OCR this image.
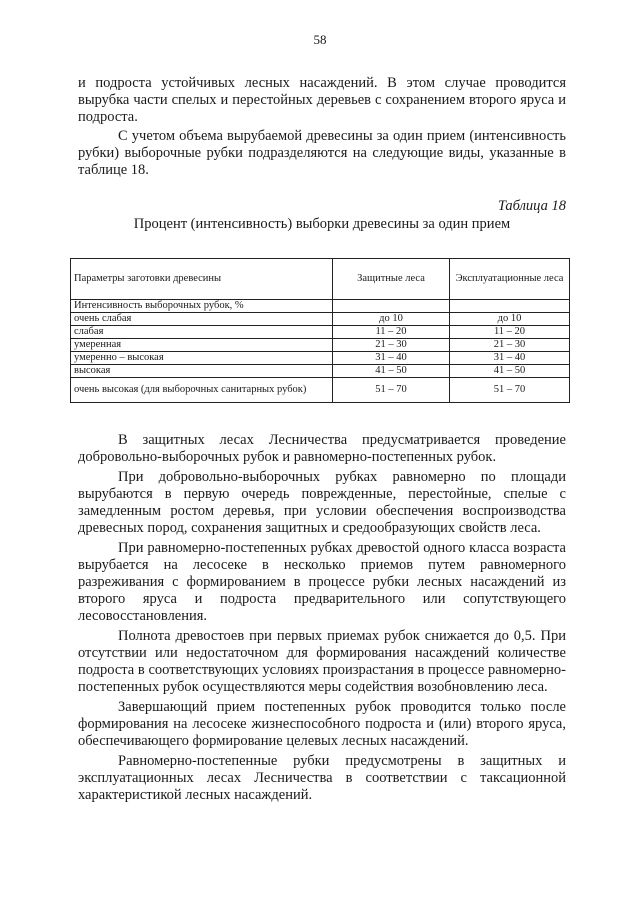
58

и подроста устойчивых лесных насаждений. В этом случае проводится вырубка части спелых и перестойных деревьев с сохранением второго яруса и подроста.

С учетом объема вырубаемой древесины за один прием (интенсивность рубки) выборочные рубки подразделяются на следующие виды, указанные в таблице 18.

Таблица 18
Процент (интенсивность) выборки древесины за один прием
Параметры заготовки древесины	Защитные леса	Эксплуатационные леса
Интенсивность выборочных рубок, %		
очень слабая	до 10	до 10
слабая	11 – 20	11 – 20
умеренная	21 – 30	21 – 30
умеренно – высокая	31 – 40	31 – 40
высокая	41 – 50	41 – 50
очень высокая (для выборочных санитарных рубок)	51 – 70	51 – 70

В защитных лесах Лесничества предусматривается проведение добровольно-выборочных рубок и равномерно-постепенных рубок.

При добровольно-выборочных рубках равномерно по площади вырубаются в первую очередь поврежденные, перестойные, спелые с замедленным ростом деревья, при условии обеспечения воспроизводства древесных пород, сохранения защитных и средообразующих свойств леса.

При равномерно-постепенных рубках древостой одного класса возраста вырубается на лесосеке в несколько приемов путем равномерного разреживания с формированием в процессе рубки лесных насаждений из второго яруса и подроста предварительного или сопутствующего лесовосстановления.

Полнота древостоев при первых приемах рубок снижается до 0,5. При отсутствии или недостаточном для формирования насаждений количестве подроста в соответствующих условиях произрастания в процессе равномерно-постепенных рубок осуществляются меры содействия возобновлению леса.

Завершающий прием постепенных рубок проводится только после формирования на лесосеке жизнеспособного подроста и (или) второго яруса, обеспечивающего формирование целевых лесных насаждений.

Равномерно-постепенные рубки предусмотрены в защитных и эксплуатационных лесах Лесничества в соответствии с таксационной характеристикой лесных насаждений.
